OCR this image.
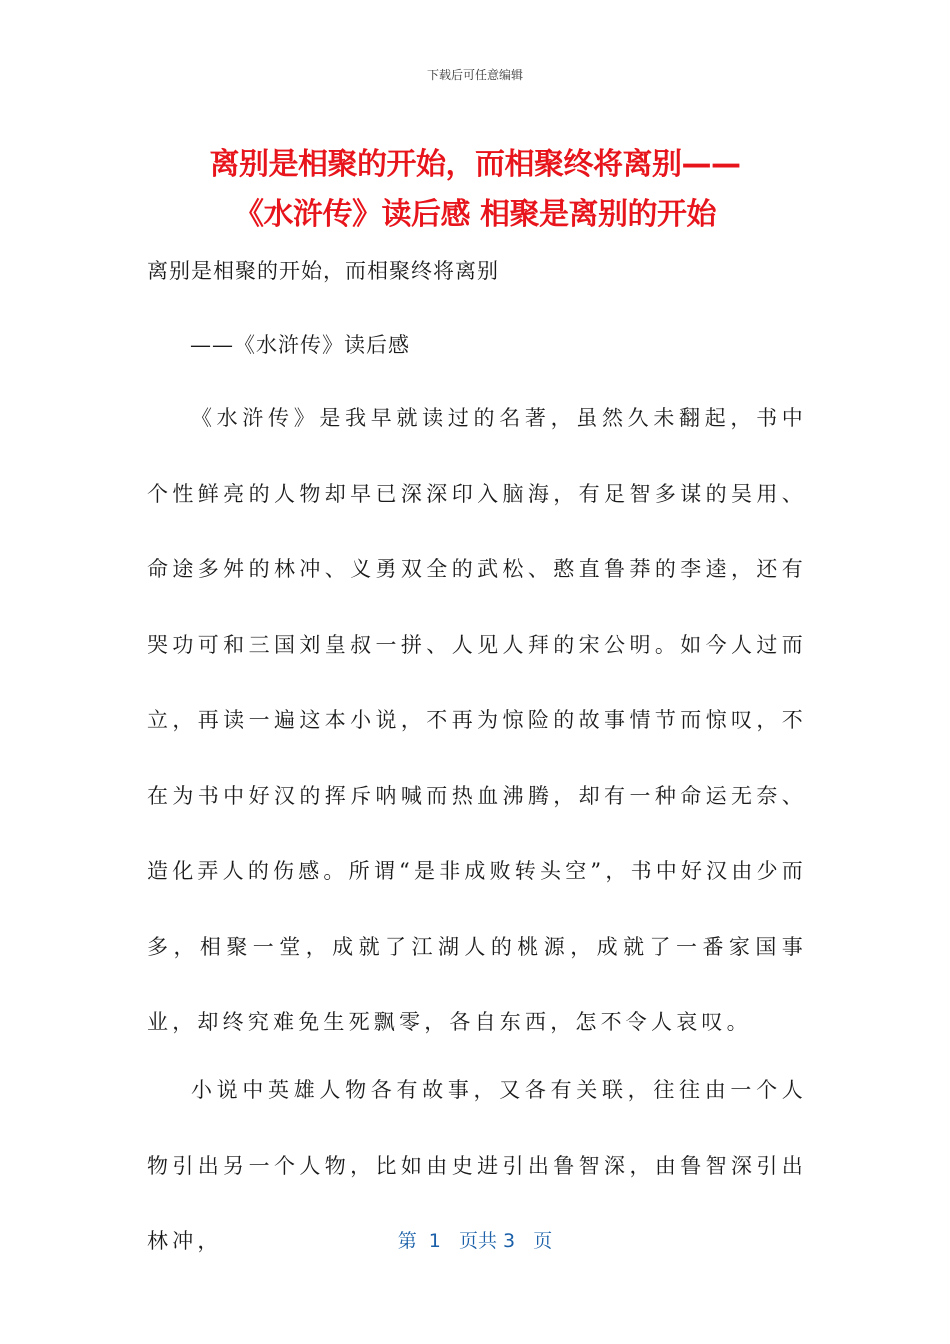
下载后可任意编辑
离别是相聚的开始，而相聚终将离别——
《水浒传》读后感 相聚是离别的开始
离别是相聚的开始，而相聚终将离别
——《水浒传》读后感
《水浒传》是我早就读过的名著，虽然久未翻起，书中个性鲜亮的人物却早已深深印入脑海，有足智多谋的吴用、命途多舛的林冲、义勇双全的武松、憨直鲁莽的李逵，还有哭功可和三国刘皇叔一拼、人见人拜的宋公明。如今人过而立，再读一遍这本小说，不再为惊险的故事情节而惊叹，不在为书中好汉的挥斥呐喊而热血沸腾，却有一种命运无奈、造化弄人的伤感。所谓“是非成败转头空”，书中好汉由少而多，相聚一堂，成就了江湖人的桃源，成就了一番家国事业，却终究难免生死飘零，各自东西，怎不令人哀叹。
小说中英雄人物各有故事，又各有关联，往往由一个人物引出另一个人物，比如由史进引出鲁智深，由鲁智深引出林冲，	第  1   页共 3   页
